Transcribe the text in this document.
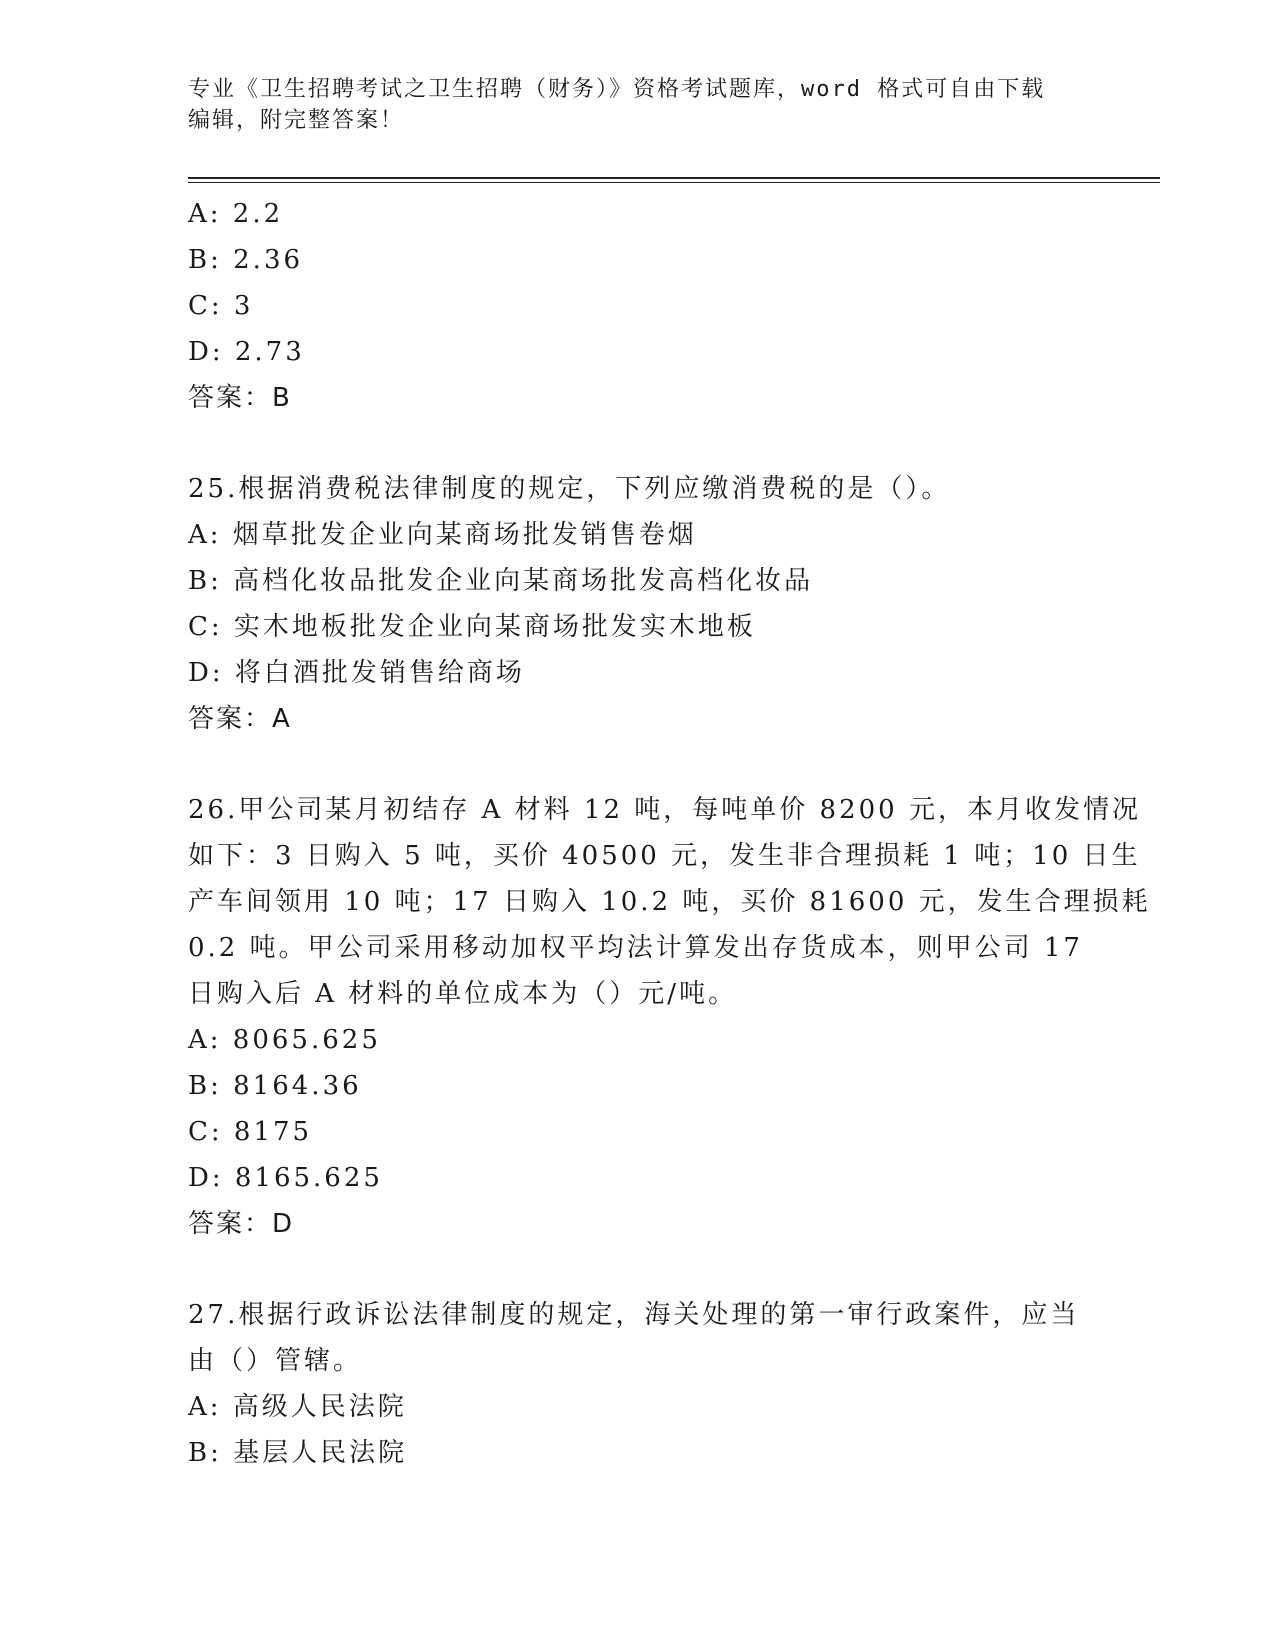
专业《卫生招聘考试之卫生招聘（财务）》资格考试题库，word 格式可自由下载
编辑，附完整答案！
A: 2.2
B: 2.36
C: 3
D: 2.73
答案：B
25.根据消费税法律制度的规定，下列应缴消费税的是（）。
A: 烟草批发企业向某商场批发销售卷烟
B: 高档化妆品批发企业向某商场批发高档化妆品
C: 实木地板批发企业向某商场批发实木地板
D: 将白酒批发销售给商场
答案：A
26.甲公司某月初结存 A 材料 12 吨，每吨单价 8200 元，本月收发情况
如下：3 日购入 5 吨，买价 40500 元，发生非合理损耗 1 吨；10 日生
产车间领用 10 吨；17 日购入 10.2 吨，买价 81600 元，发生合理损耗
0.2 吨。甲公司采用移动加权平均法计算发出存货成本，则甲公司 17
日购入后 A 材料的单位成本为（）元/吨。
A: 8065.625
B: 8164.36
C: 8175
D: 8165.625
答案：D
27.根据行政诉讼法律制度的规定，海关处理的第一审行政案件，应当
由（）管辖。
A: 高级人民法院
B: 基层人民法院
